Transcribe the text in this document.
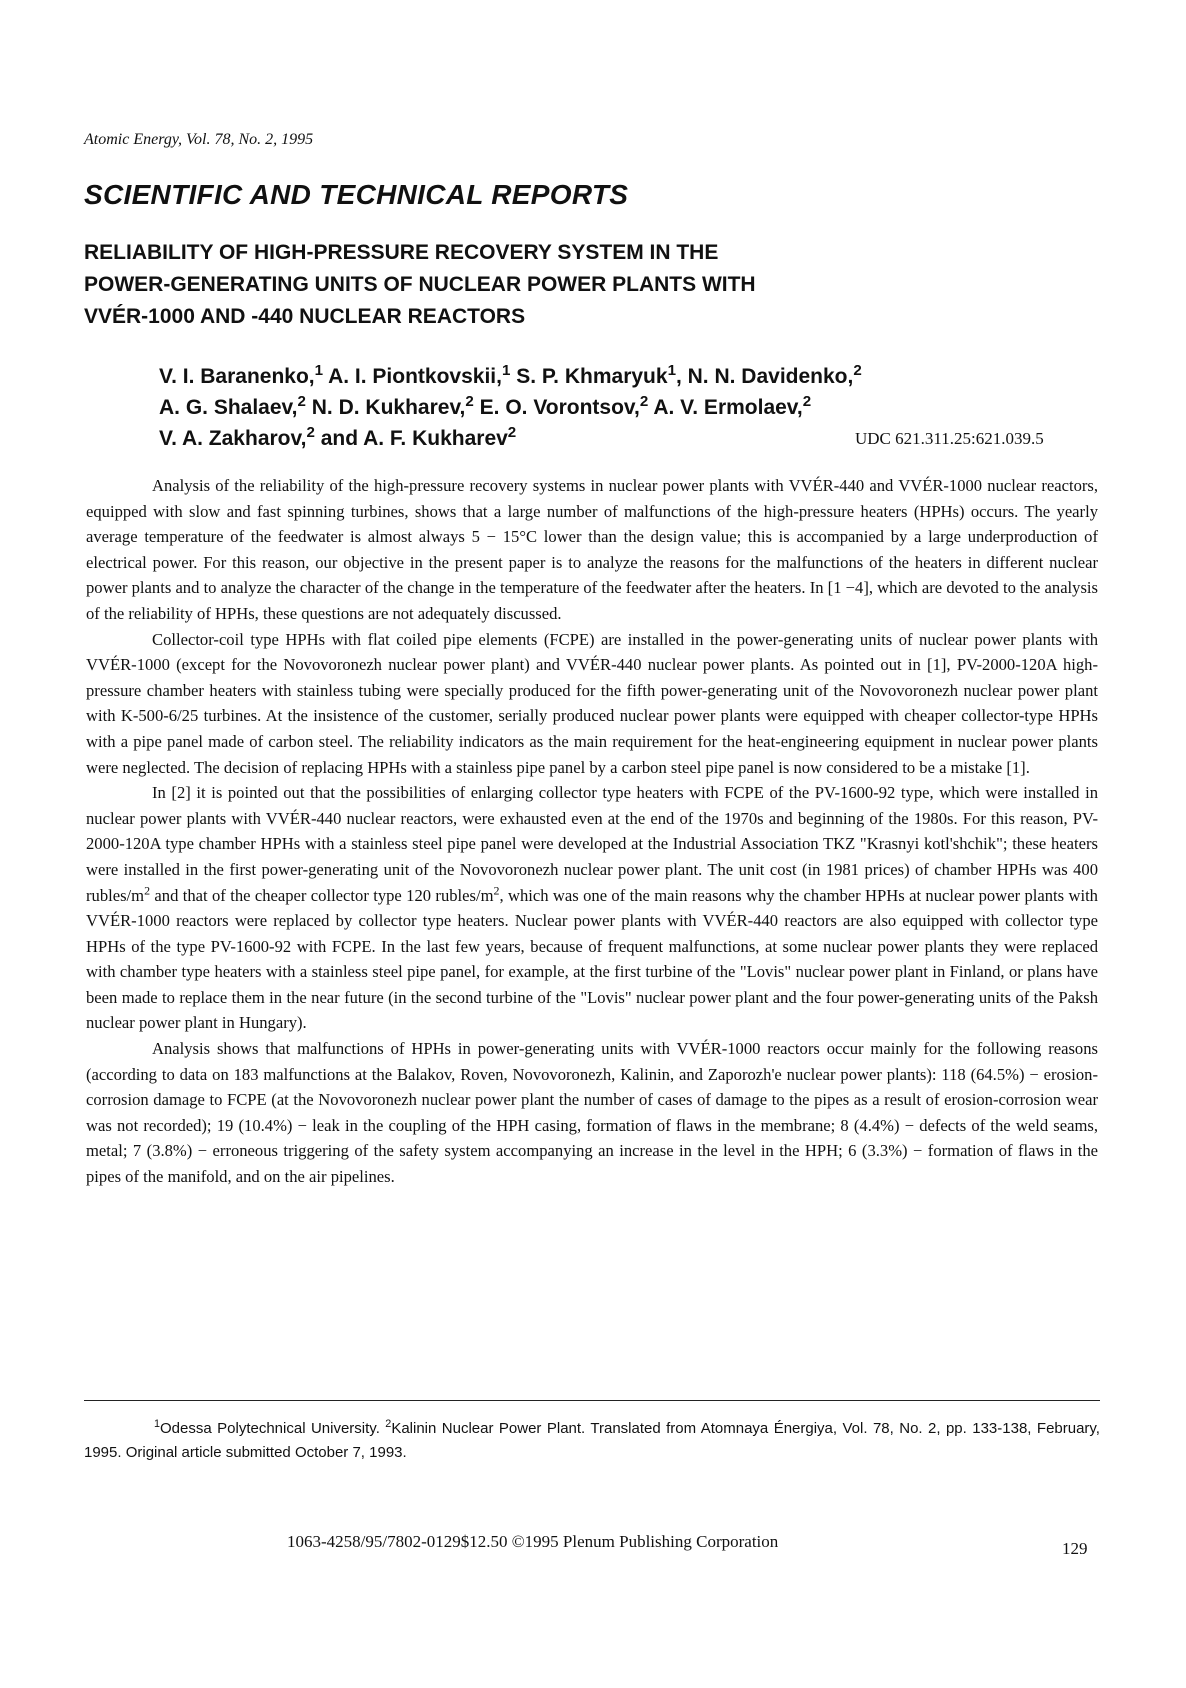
Atomic Energy, Vol. 78, No. 2, 1995
SCIENTIFIC AND TECHNICAL REPORTS
RELIABILITY OF HIGH-PRESSURE RECOVERY SYSTEM IN THE
POWER-GENERATING UNITS OF NUCLEAR POWER PLANTS WITH
VVÉR-1000 AND -440 NUCLEAR REACTORS
V. I. Baranenko,$^1$ A. I. Piontkovskii,$^1$ S. P. Khmaryuk$^1$, N. N. Davidenko,$^2$
A. G. Shalaev,$^2$ N. D. Kukharev,$^2$ E. O. Vorontsov,$^2$ A. V. Ermolaev,$^2$
V. A. Zakharov,$^2$ and A. F. Kukharev$^2$	UDC 621.311.25:621.039.5

Analysis of the reliability of the high-pressure recovery systems in nuclear power plants with VVÉR-440 and VVÉR-1000 nuclear reactors, equipped with slow and fast spinning turbines, shows that a large number of malfunctions of the high-pressure heaters (HPHs) occurs. The yearly average temperature of the feedwater is almost always 5 − 15°C lower than the design value; this is accompanied by a large underproduction of electrical power. For this reason, our objective in the present paper is to analyze the reasons for the malfunctions of the heaters in different nuclear power plants and to analyze the character of the change in the temperature of the feedwater after the heaters. In [1 −4], which are devoted to the analysis of the reliability of HPHs, these questions are not adequately discussed.

Collector-coil type HPHs with flat coiled pipe elements (FCPE) are installed in the power-generating units of nuclear power plants with VVÉR-1000 (except for the Novovoronezh nuclear power plant) and VVÉR-440 nuclear power plants. As pointed out in [1], PV-2000-120A high-pressure chamber heaters with stainless tubing were specially produced for the fifth power-generating unit of the Novovoronezh nuclear power plant with K-500-6/25 turbines. At the insistence of the customer, serially produced nuclear power plants were equipped with cheaper collector-type HPHs with a pipe panel made of carbon steel. The reliability indicators as the main requirement for the heat-engineering equipment in nuclear power plants were neglected. The decision of replacing HPHs with a stainless pipe panel by a carbon steel pipe panel is now considered to be a mistake [1].

In [2] it is pointed out that the possibilities of enlarging collector type heaters with FCPE of the PV-1600-92 type, which were installed in nuclear power plants with VVÉR-440 nuclear reactors, were exhausted even at the end of the 1970s and beginning of the 1980s. For this reason, PV-2000-120A type chamber HPHs with a stainless steel pipe panel were developed at the Industrial Association TKZ "Krasnyi kotl'shchik"; these heaters were installed in the first power-generating unit of the Novovoronezh nuclear power plant. The unit cost (in 1981 prices) of chamber HPHs was 400 rubles/$m^2$ and that of the cheaper collector type 120 rubles/$m^2$, which was one of the main reasons why the chamber HPHs at nuclear power plants with VVÉR-1000 reactors were replaced by collector type heaters. Nuclear power plants with VVÉR-440 reactors are also equipped with collector type HPHs of the type PV-1600-92 with FCPE. In the last few years, because of frequent malfunctions, at some nuclear power plants they were replaced with chamber type heaters with a stainless steel pipe panel, for example, at the first turbine of the "Lovis" nuclear power plant in Finland, or plans have been made to replace them in the near future (in the second turbine of the "Lovis" nuclear power plant and the four power-generating units of the Paksh nuclear power plant in Hungary).

Analysis shows that malfunctions of HPHs in power-generating units with VVÉR-1000 reactors occur mainly for the following reasons (according to data on 183 malfunctions at the Balakov, Roven, Novovoronezh, Kalinin, and Zaporozh'e nuclear power plants): 118 (64.5%) − erosion-corrosion damage to FCPE (at the Novovoronezh nuclear power plant the number of cases of damage to the pipes as a result of erosion-corrosion wear was not recorded); 19 (10.4%) − leak in the coupling of the HPH casing, formation of flaws in the membrane; 8 (4.4%) − defects of the weld seams, metal; 7 (3.8%) − erroneous triggering of the safety system accompanying an increase in the level in the HPH; 6 (3.3%) − formation of flaws in the pipes of the manifold, and on the air pipelines.

$^1$Odessa Polytechnical University. $^2$Kalinin Nuclear Power Plant. Translated from Atomnaya Énergiya, Vol. 78, No. 2, pp. 133-138, February, 1995. Original article submitted October 7, 1993.
1063-4258/95/7802-0129$12.50 ©1995 Plenum Publishing Corporation	129
